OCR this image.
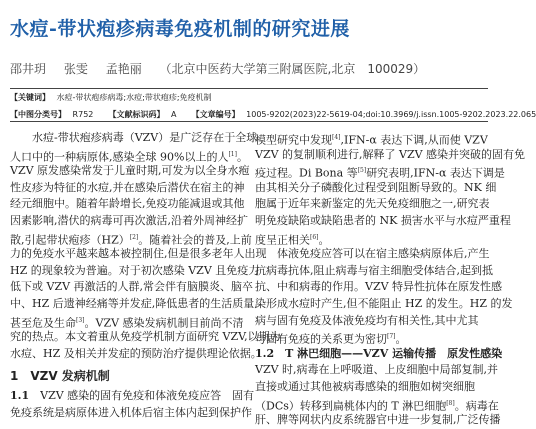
水痘-带状疱疹病毒免疫机制的研究进展
邵井玥 张雯 孟艳丽 （北京中医药大学第三附属医院,北京　100029）
【关键词】 水痘-带状疱疹病毒;水痘;带状疱疹;免疫机制
【中图分类号】 R752 【文献标识码】 A 【文章编号】 1005-9202(2023)22-5619-04;doi:10.3969/j.issn.1005-9202.2023.22.065
　　水痘-带状疱疹病毒（VZV）是广泛存在于全球
人口中的一种病原体,感染全球 90%以上的人[1]。
VZV 原发感染常发于儿童时期,可发为以全身水疱
性皮疹为特征的水痘,并在感染后潜伏在宿主的神
经元细胞中。随着年龄增长,免疫功能减退或其他
因素影响,潜伏的病毒可再次激活,沿着外周神经扩
散,引起带状疱疹（HZ）[2]。随着社会的普及,上前
力的免疫水平越来越本被控制住,但是很多老年人出现
HZ 的现象较为普遍。对于初次感染 VZV 且免疫力
低下或 VZV 再激活的人群,常会伴有脑膜炎、脑卒
中、HZ 后遗神经痛等并发症,降低患者的生活质量,
甚至危及生命[3]。VZV 感染发病机制目前尚不清
究的热点。本文着重从免疫学机制方面研究 VZV,以期为
水痘、HZ 及相关并发症的预防治疗提供理论依据。
1　VZV 发病机制
1.1　 VZV 感染的固有免疫和体液免疫应答　固有
免疫系统是病原体进入机体后宿主体内起到保护作
模型研究中发现[4],IFN-α 表达下调,从而使 VZV
VZV 的复制顺利进行,解释了 VZV 感染并突破的固有免
疫过程。Di Bona 等[5]研究表明,IFN-α 表达下调是
由其相关分子磷酸化过程受到阻断导致的。NK 细
胞属于近年来新鉴定的先天免疫细胞之一,研究表
明免疫缺陷或缺陷患者的 NK 损害水平与水痘严重程
度呈正相关[6]。
　　体液免疫应答可以在宿主感染病原体后,产生
抗病毒抗体,阻止病毒与宿主细胞受体结合,起到抵
抗、中和病毒的作用。VZV 特异性抗体在原发性感
染形成水痘时产生,但不能阻止 HZ 的发生。HZ 的发
病与固有免疫及体液免疫均有相关性,其中尤其
与固有免疫的关系更为密切[7]。
1.2　T 淋巴细胞——VZV 运输传播　原发性感染
VZV 时,病毒在上呼吸道、上皮细胞中局部复制,并
直接或通过其他被病毒感染的细胞如树突细胞
（DCs）转移到扁桃体内的 T 淋巴细胞[8]。病毒在
肝、脾等网状内皮系统器官中进一步复制,广泛传播
